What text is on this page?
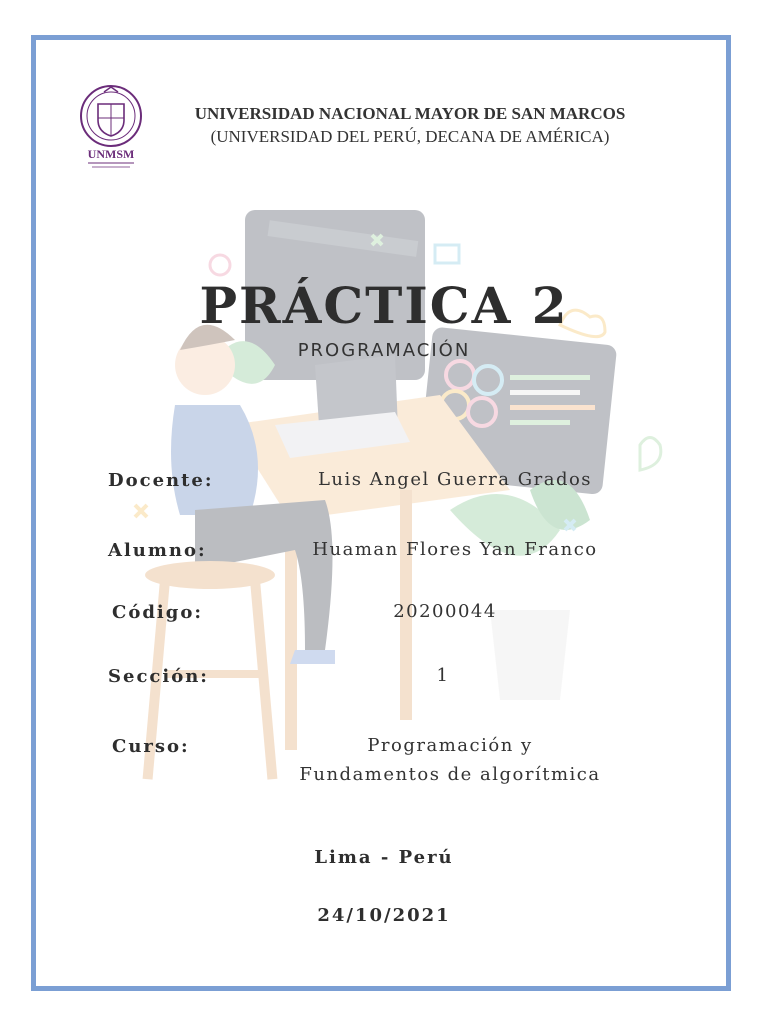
UNMSM
UNIVERSIDAD NACIONAL MAYOR DE SAN MARCOS
(UNIVERSIDAD DEL PERÚ, DECANA DE AMÉRICA)
PRÁCTICA 2
PROGRAMACIÓN
Docente:	Luis Angel Guerra Grados
Alumno:	Huaman Flores Yan Franco
Código:	20200044
Sección:	1
Curso:	Programación y
Fundamentos de algorítmica
Lima - Perú
24/10/2021
